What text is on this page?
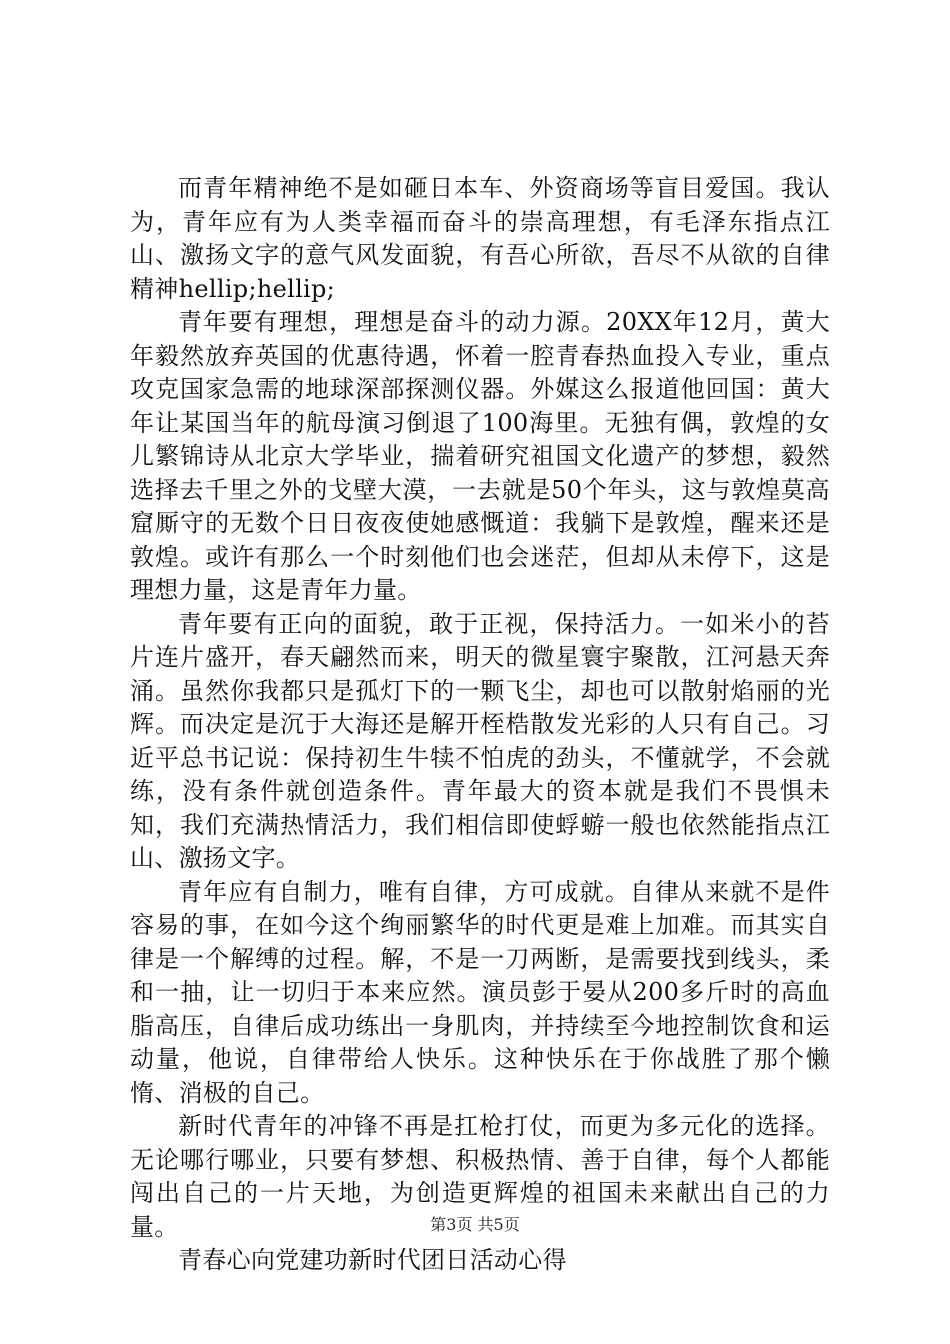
而青年精神绝不是如砸日本车、外资商场等盲目爱国。我认为，青年应有为人类幸福而奋斗的崇高理想，有毛泽东指点江山、激扬文字的意气风发面貌，有吾心所欲，吾尽不从欲的自律精神hellip;hellip;

青年要有理想，理想是奋斗的动力源。20XX年12月，黄大年毅然放弃英国的优惠待遇，怀着一腔青春热血投入专业，重点攻克国家急需的地球深部探测仪器。外媒这么报道他回国：黄大年让某国当年的航母演习倒退了100海里。无独有偶，敦煌的女儿繁锦诗从北京大学毕业，揣着研究祖国文化遗产的梦想，毅然选择去千里之外的戈壁大漠，一去就是50个年头，这与敦煌莫高窟厮守的无数个日日夜夜使她感慨道：我躺下是敦煌，醒来还是敦煌。或许有那么一个时刻他们也会迷茫，但却从未停下，这是理想力量，这是青年力量。

青年要有正向的面貌，敢于正视，保持活力。一如米小的苔片连片盛开，春天翩然而来，明天的微星寰宇聚散，江河悬天奔涌。虽然你我都只是孤灯下的一颗飞尘，却也可以散射焰丽的光辉。而决定是沉于大海还是解开桎梏散发光彩的人只有自己。习近平总书记说：保持初生牛犊不怕虎的劲头，不懂就学，不会就练，没有条件就创造条件。青年最大的资本就是我们不畏惧未知，我们充满热情活力，我们相信即使蜉蝣一般也依然能指点江山、激扬文字。

青年应有自制力，唯有自律，方可成就。自律从来就不是件容易的事，在如今这个绚丽繁华的时代更是难上加难。而其实自律是一个解缚的过程。解，不是一刀两断，是需要找到线头，柔和一抽，让一切归于本来应然。演员彭于晏从200多斤时的高血脂高压，自律后成功练出一身肌肉，并持续至今地控制饮食和运动量，他说，自律带给人快乐。这种快乐在于你战胜了那个懒惰、消极的自己。

新时代青年的冲锋不再是扛枪打仗，而更为多元化的选择。无论哪行哪业，只要有梦想、积极热情、善于自律，每个人都能闯出自己的一片天地，为创造更辉煌的祖国未来献出自己的力量。

青春心向党建功新时代团日活动心得

第3页 共5页
